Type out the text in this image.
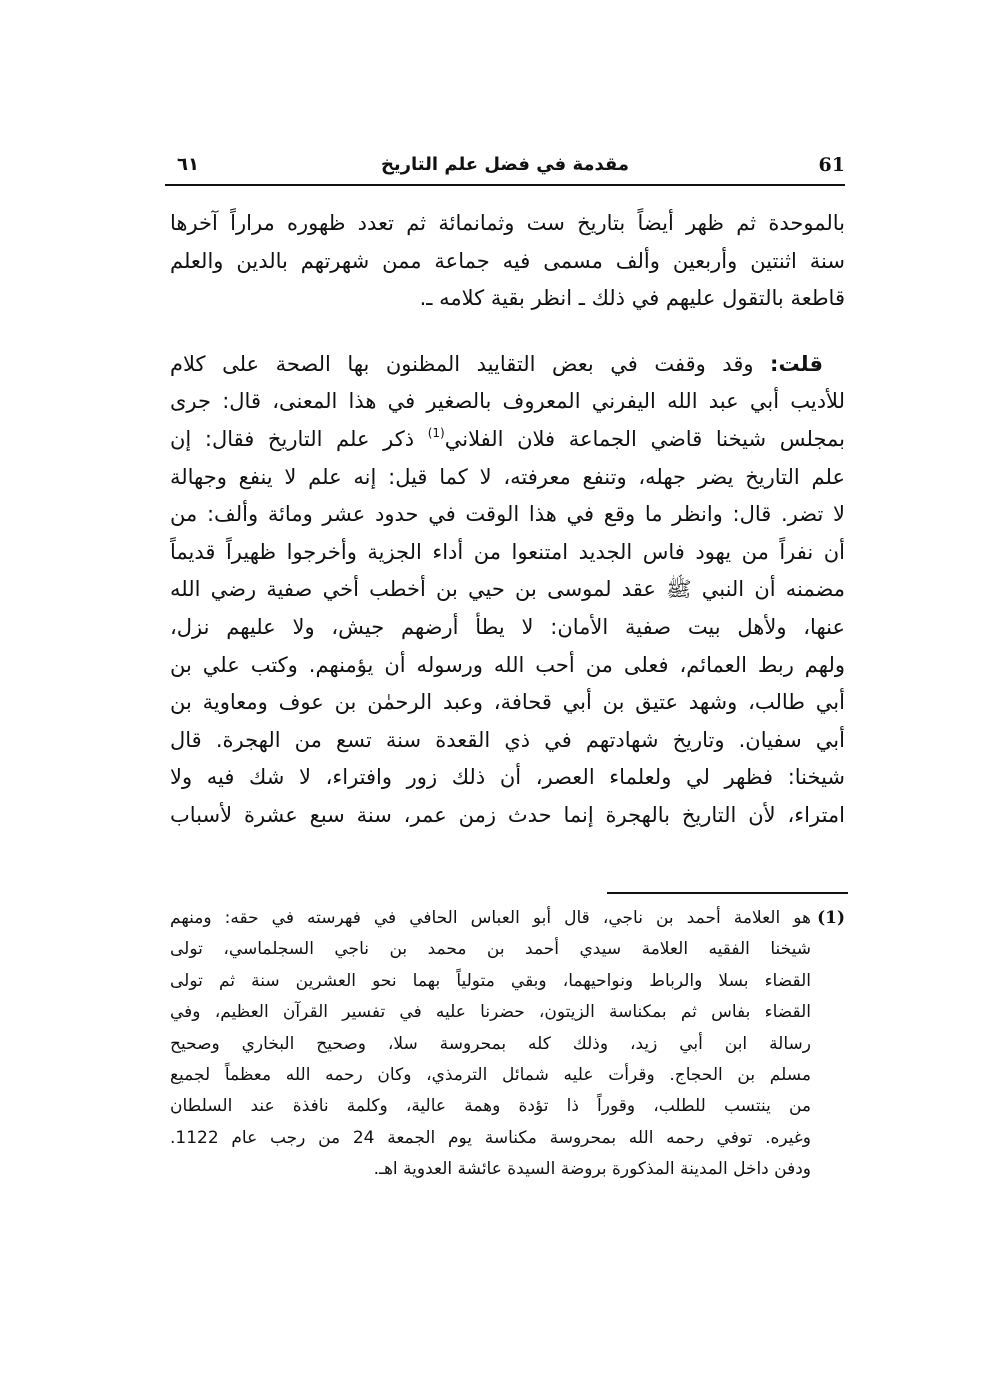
61
مقدمة في فضل علم التاريخ
٦١
بالموحدة ثم ظهر أيضاً بتاريخ ست وثمانمائة ثم تعدد ظهوره مراراً آخرها
سنة اثنتين وأربعين وألف مسمى فيه جماعة ممن شهرتهم بالدين والعلم
قاطعة بالتقول عليهم في ذلك ـ انظر بقية كلامه ـ.
قلت: وقد وقفت في بعض التقاييد المظنون بها الصحة على كلام
للأديب أبي عبد الله اليفرني المعروف بالصغير في هذا المعنى، قال: جرى
بمجلس شيخنا قاضي الجماعة فلان الفلاني$^{(1)}$ ذكر علم التاريخ فقال: إن
علم التاريخ يضر جهله، وتنفع معرفته، لا كما قيل: إنه علم لا ينفع وجهالة
لا تضر. قال: وانظر ما وقع في هذا الوقت في حدود عشر ومائة وألف: من
أن نفراً من يهود فاس الجديد امتنعوا من أداء الجزية وأخرجوا ظهيراً قديماً
مضمنه أن النبي ﷺ عقد لموسى بن حيي بن أخطب أخي صفية رضي الله
عنها، ولأهل بيت صفية الأمان: لا يطأ أرضهم جيش، ولا عليهم نزل،
ولهم ربط العمائم، فعلى من أحب الله ورسوله أن يؤمنهم. وكتب علي بن
أبي طالب، وشهد عتيق بن أبي قحافة، وعبد الرحمٰن بن عوف ومعاوية بن
أبي سفيان. وتاريخ شهادتهم في ذي القعدة سنة تسع من الهجرة. قال
شيخنا: فظهر لي ولعلماء العصر، أن ذلك زور وافتراء، لا شك فيه ولا
امتراء، لأن التاريخ بالهجرة إنما حدث زمن عمر، سنة سبع عشرة لأسباب
(1)هو العلامة أحمد بن ناجي، قال أبو العباس الحافي في فهرسته في حقه: ومنهم
شيخنا الفقيه العلامة سيدي أحمد بن محمد بن ناجي السجلماسي، تولى
القضاء بسلا والرباط ونواحيهما، وبقي متولياً بهما نحو العشرين سنة ثم تولى
القضاء بفاس ثم بمكناسة الزيتون، حضرنا عليه في تفسير القرآن العظيم، وفي
رسالة ابن أبي زيد، وذلك كله بمحروسة سلا، وصحيح البخاري وصحيح
مسلم بن الحجاج. وقرأت عليه شمائل الترمذي، وكان رحمه الله معظماً لجميع
من ينتسب للطلب، وقوراً ذا تؤدة وهمة عالية، وكلمة نافذة عند السلطان
وغيره. توفي رحمه الله بمحروسة مكناسة يوم الجمعة 24 من رجب عام 1122.
ودفن داخل المدينة المذكورة بروضة السيدة عائشة العدوية اهـ.
